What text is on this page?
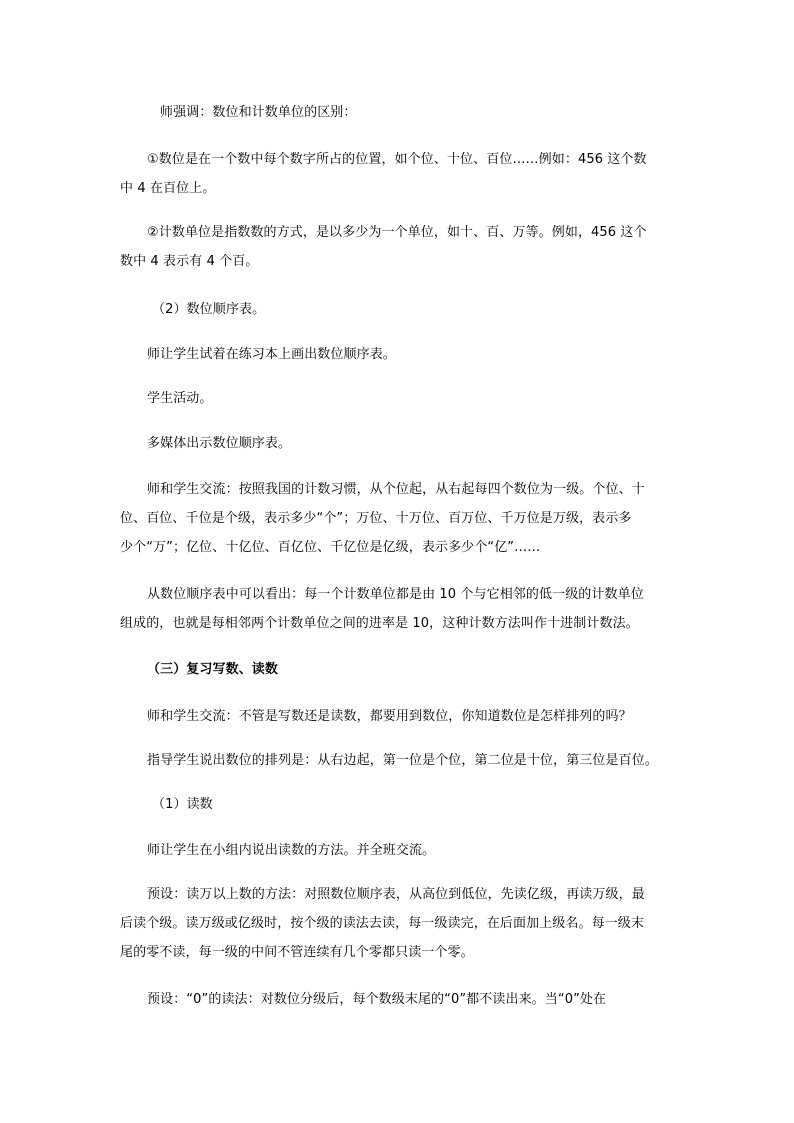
师强调：数位和计数单位的区别：
①数位是在一个数中每个数字所占的位置，如个位、十位、百位……例如：456 这个数
中 4 在百位上。
②计数单位是指数数的方式，是以多少为一个单位，如十、百、万等。例如，456 这个
数中 4 表示有 4 个百。
（2）数位顺序表。
师让学生试着在练习本上画出数位顺序表。
学生活动。
多媒体出示数位顺序表。
师和学生交流：按照我国的计数习惯，从个位起，从右起每四个数位为一级。个位、十
位、百位、千位是个级，表示多少“个”；万位、十万位、百万位、千万位是万级，表示多
少个“万”；亿位、十亿位、百亿位、千亿位是亿级，表示多少个“亿”……
从数位顺序表中可以看出：每一个计数单位都是由 10 个与它相邻的低一级的计数单位
组成的，也就是每相邻两个计数单位之间的进率是 10，这种计数方法叫作十进制计数法。
（三）复习写数、读数
师和学生交流：不管是写数还是读数，都要用到数位，你知道数位是怎样排列的吗？
指导学生说出数位的排列是：从右边起，第一位是个位，第二位是十位，第三位是百位。
（1）读数
师让学生在小组内说出读数的方法。并全班交流。
预设：读万以上数的方法：对照数位顺序表，从高位到低位，先读亿级，再读万级，最
后读个级。读万级或亿级时，按个级的读法去读，每一级读完，在后面加上级名。每一级末
尾的零不读，每一级的中间不管连续有几个零都只读一个零。
预设：“0”的读法：对数位分级后，每个数级末尾的“0”都不读出来。当“0”处在
